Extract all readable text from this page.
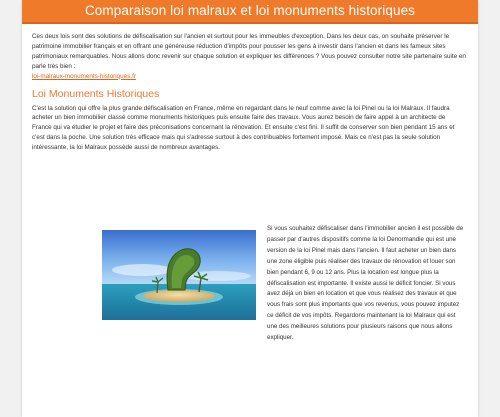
Comparaison loi malraux et loi monuments historiques

Ces deux lois sont des solutions de défiscalisation sur l'ancien et surtout pour les immeubles d'exception. Dans les deux cas, on souhaite préserver le patrimoine immobilier français et en offrant une généreuse réduction d'impôts pour pousser les gens à investir dans l'ancien et dans les fameux sites patrimoniaux remarquables. Nous allons donc revenir sur chaque solution et expliquer les différences ? Vous pouvez consulter notre site partenaire suite en parle très bien :
loi-malraux-monuments-historiques.fr

Loi Monuments Historiques

C'est la solution qui offre la plus grande défiscalisation en France, même en regardant dans le neuf comme avec la loi Pinel ou la loi Malraux. Il faudra acheter un bien immobilier classé comme monuments historiques puis ensuite faire des travaux. Vous aurez besoin de faire appel à un architecte de France qui va étudier le projet et faire des préconisations concernant la rénovation. Et ensuite c'est fini. Il suffit de conserver son bien pendant 15 ans et c'est dans la poche. Une solution très efficace mais qui s'adresse surtout à des contribuables fortement imposé. Mais ce n'est pas la seule solution intéressante, la loi Malraux possède aussi de nombreux avantages.

Si vous souhaitez défiscaliser dans l'immobilier ancien il est possible de passer par d'autres dispositifs comme la loi Denormandie qui est une version de la loi Pinel mais dans l'ancien. Il faut acheter un bien dans une zone éligible puis réaliser des travaux de rénovation et louer son bien pendant 6, 9 ou 12 ans. Plus la location est longue plus la défiscalisation est importante. Il existe aussi le déficit foncier. Si vous avez déjà un bien en location et que vous réalisez des travaux et que vous frais sont plus importants que vos revenus, vous pouvez imputez ce déficit de vos impôts. Regardons maintenant la loi Malraux qui est une des meilleures solutions pour plusieurs raisons que nous allons expliquer.
